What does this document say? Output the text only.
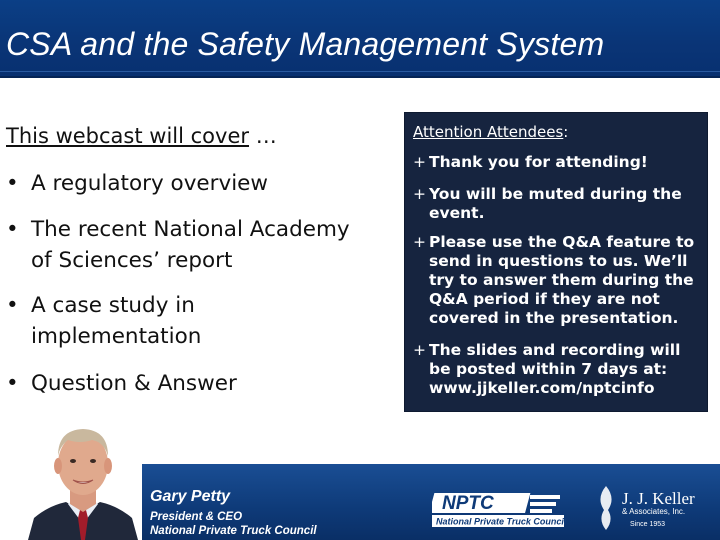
CSA and the Safety Management System
This webcast will cover …
• A regulatory overview
• The recent National Academy of Sciences’ report
• A case study in implementation
• Question & Answer
Attention Attendees:
+ Thank you for attending!
+ You will be muted during the event.
+ Please use the Q&A feature to send in questions to us. We’ll try to answer them during the Q&A period if they are not covered in the presentation.
+ The slides and recording will be posted within 7 days at: www.jjkeller.com/nptcinfo
Gary Petty
President & CEO
National Private Truck Council
NPTC
National Private Truck Council
J. J. Keller
& Associates, Inc.
Since 1953
